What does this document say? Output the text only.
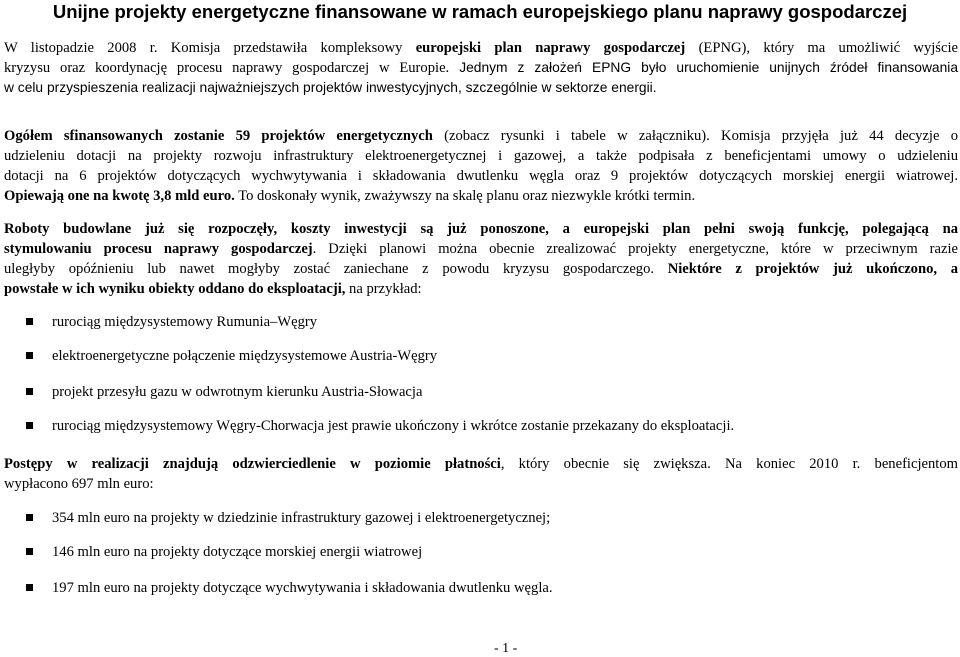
Unijne projekty energetyczne finansowane w ramach europejskiego planu naprawy gospodarczej
W listopadzie 2008 r. Komisja przedstawiła kompleksowy europejski plan naprawy gospodarczej (EPNG), który ma umożliwić wyjście
kryzysu oraz koordynację procesu naprawy gospodarczej w Europie. Jednym z założeń EPNG było uruchomienie unijnych źródeł finansowania
w celu przyspieszenia realizacji najważniejszych projektów inwestycyjnych, szczególnie w sektorze energii.
Ogółem sfinansowanych zostanie 59 projektów energetycznych (zobacz rysunki i tabele w załączniku). Komisja przyjęła już 44 decyzje o
udzieleniu dotacji na projekty rozwoju infrastruktury elektroenergetycznej i gazowej, a także podpisała z beneficjentami umowy o udzieleniu
dotacji na 6 projektów dotyczących wychwytywania i składowania dwutlenku węgla oraz 9 projektów dotyczących morskiej energii wiatrowej.
Opiewają one na kwotę 3,8 mld euro. To doskonały wynik, zważywszy na skalę planu oraz niezwykle krótki termin.
Roboty budowlane już się rozpoczęły, koszty inwestycji są już ponoszone, a europejski plan pełni swoją funkcję, polegającą na
stymulowaniu procesu naprawy gospodarczej. Dzięki planowi można obecnie zrealizować projekty energetyczne, które w przeciwnym razie
uległyby opóźnieniu lub nawet mogłyby zostać zaniechane z powodu kryzysu gospodarczego. Niektóre z projektów już ukończono, a
powstałe w ich wyniku obiekty oddano do eksploatacji, na przykład:
rurociąg międzysystemowy Rumunia–Węgry
elektroenergetyczne połączenie międzysystemowe Austria-Węgry
projekt przesyłu gazu w odwrotnym kierunku Austria-Słowacja
rurociąg międzysystemowy Węgry-Chorwacja jest prawie ukończony i wkrótce zostanie przekazany do eksploatacji.
Postępy w realizacji znajdują odzwierciedlenie w poziomie płatności, który obecnie się zwiększa. Na koniec 2010 r. beneficjentom
wypłacono 697 mln euro:
354 mln euro na projekty w dziedzinie infrastruktury gazowej i elektroenergetycznej;
146 mln euro na projekty dotyczące morskiej energii wiatrowej
197 mln euro na projekty dotyczące wychwytywania i składowania dwutlenku węgla.
- 1 -
